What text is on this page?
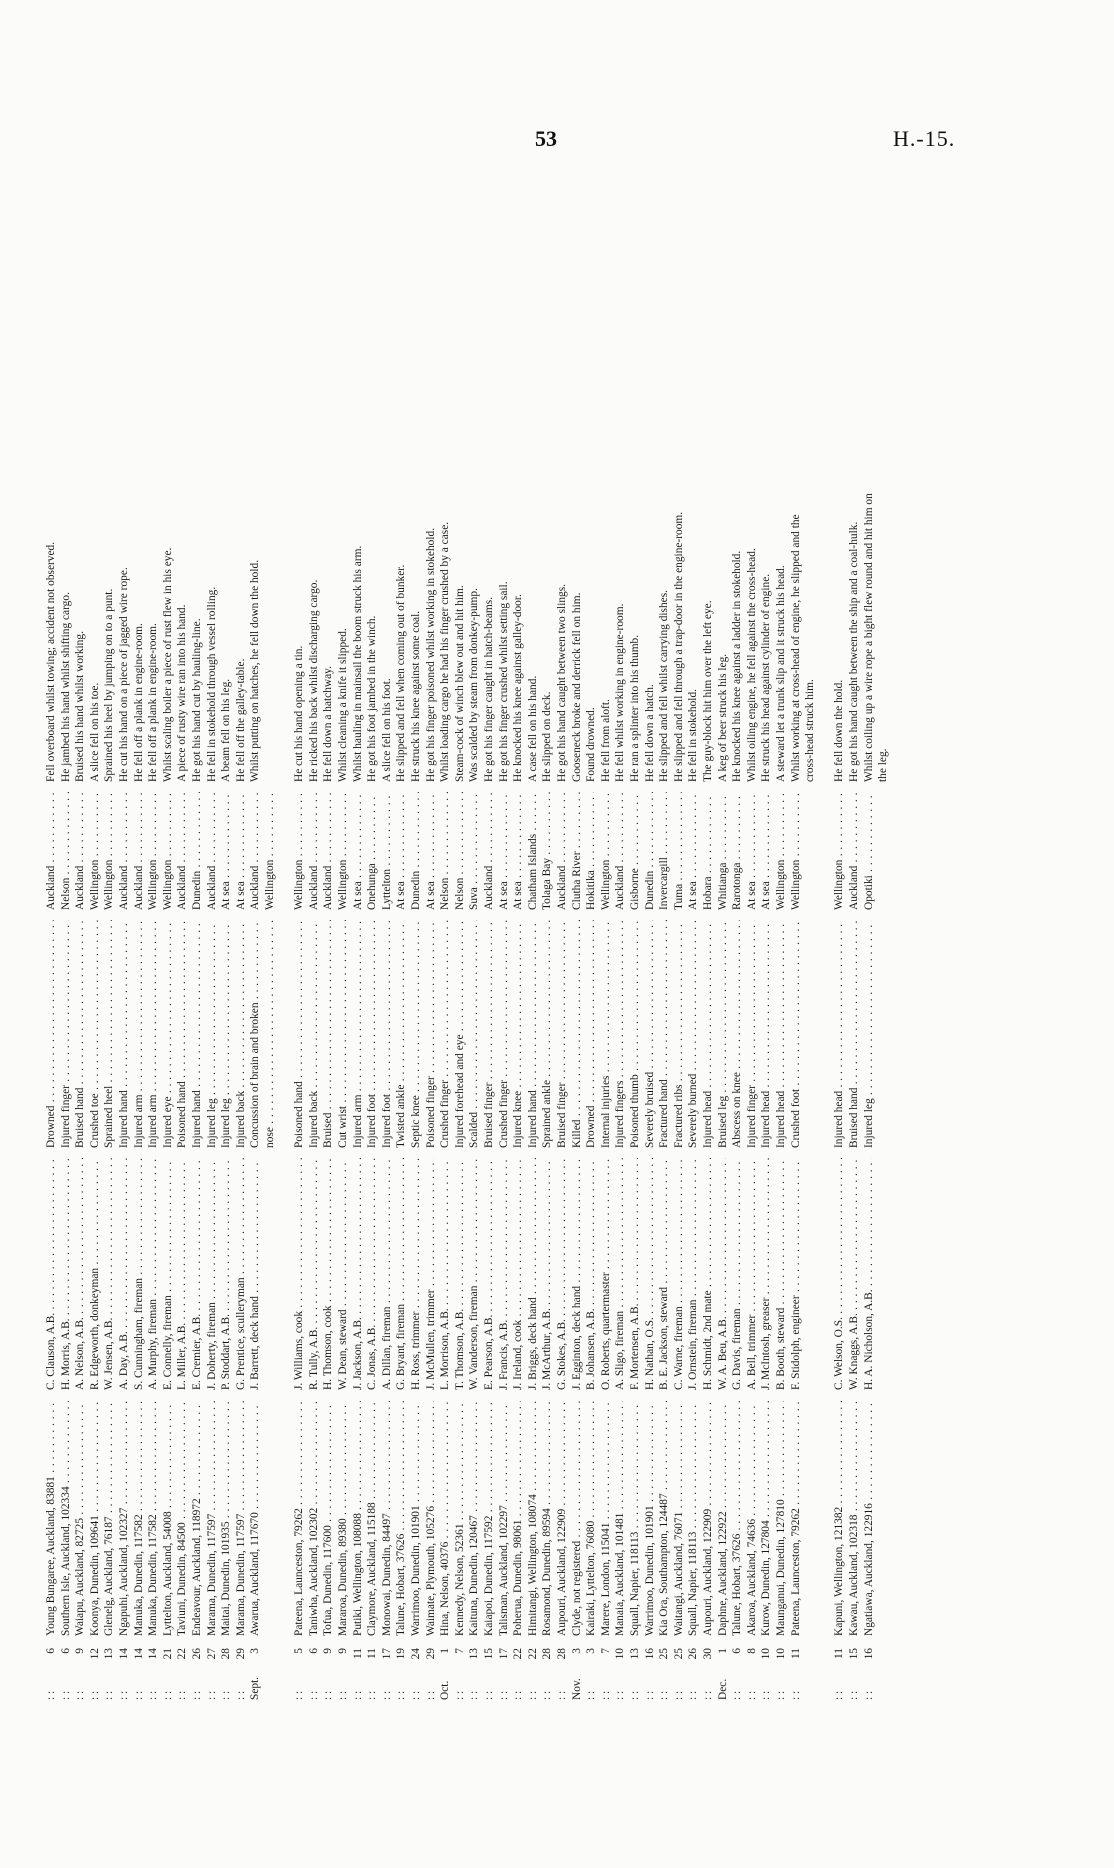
53	H.-15.
: :
6
Young Bungaree, Auckland, 83881 . . .
C. Clauson, A.B. . . .
Drowned . . .
Auckland . . .
Fell overboard whilst towing; accident not observed.
: :
6
Southern Isle, Auckland, 102334 . . .
H. Morris, A.B. . . .
Injured finger . . .
Nelson . . .
He jambed his hand whilst shifting cargo.
: :
9
Waiapu, Auckland, 82725 . . .
A. Nelson, A.B. . . .
Bruised hand . . .
Auckland . . .
Bruised his hand whilst working.
: :
12
Koonya, Dunedin, 109641 . . .
R. Edgeworth, donkeyman . . .
Crushed toe . . .
Wellington . . .
A slice fell on his toe.
: :
13
Glenelg, Auckland, 76187 . . .
W. Jensen, A.B. . . .
Sprained heel . . .
Wellington . . .
Sprained his heel by jumping on to a punt.
: :
14
Ngapuhi, Auckland, 102327 . . .
A. Day, A.B. . . .
Injured hand . . .
Auckland . . .
He cut his hand on a piece of jagged wire rope.
: :
14
Manuka, Dunedin, 117582 . . .
S. Cunningham, fireman . . .
Injured arm . . .
Auckland . . .
He fell off a plank in engine-room.
: :
14
Manuka, Dunedin, 117582 . . .
A. Murphy, fireman . . .
Injured arm . . .
Wellington . . .
He fell off a plank in engine-room.
: :
21
Lyttelton, Auckland, 54008 . . .
E. Connelly, fireman . . .
Injured eye . . .
Wellington . . .
Whilst scaling boiler a piece of rust flew in his eye.
: :
22
Taviuni, Dunedin, 84500 . . .
L. Miller, A.B. . . .
Poisoned hand . . .
Auckland . . .
A piece of rusty wire ran into his hand.
: :
26
Endeavour, Auckland, 118972 . . .
E. Cremier, A.B. . . .
Injured hand . . .
Dunedin . . .
He got his hand cut by hauling-line.
: :
27
Marama, Dunedin, 117597 . . .
J. Doherty, fireman . . .
Injured leg . . .
Auckland . . .
He fell in stokehold through vessel rolling.
: :
28
Maitai, Dunedin, 101935 . . .
P. Stoddart, A.B. . . .
Injured leg . . .
At sea . . .
A beam fell on his leg.
: :
29
Marama, Dunedin, 117597 . . .
G. Prentice, sculleryman . . .
Injured back . . .
At sea . . .
He fell off the galley-table.
Sept.
3
Awarua, Auckland, 117670 . . .
J. Barrett, deck hand . . .
Concussion of brain and broken . . .
Auckland . . .
Whilst putting on hatches, he fell down the hold.
nose . . .
Wellington . . .
: :
5
Pateena, Launceston, 79262 . . .
J. Williams, cook . . .
Poisoned hand . . .
Wellington . . .
He cut his hand opening a tin.
: :
6
Taniwha, Auckland, 102302 . . .
R. Tully, A.B. . . .
Injured back . . .
Auckland . . .
He ricked his back whilst discharging cargo.
: :
9
Tofua, Dunedin, 117600 . . .
H. Thomson, cook . . .
Bruised . . .
Auckland . . .
He fell down a hatchway.
: :
9
Mararoa, Dunedin, 89380 . . .
W. Dean, steward . . .
Cut wrist . . .
Wellington . . .
Whilst cleaning a knife it slipped.
: :
11
Putiki, Wellington, 108088 . . .
J. Jackson, A.B. . . .
Injured arm . . .
At sea . . .
Whilst hauling in mainsail the boom struck his arm.
: :
11
Claymore, Auckland, 115188 . . .
C. Jonas, A.B. . . .
Injured foot . . .
Onehunga . . .
He got his foot jambed in the winch.
: :
17
Monowai, Dunedin, 84497 . . .
A. Dillan, fireman . . .
Injured foot . . .
Lyttelton . . .
A slice fell on his foot.
: :
19
Talune, Hobart, 37626 . . .
G. Bryant, fireman . . .
Twisted ankle . . .
At sea . . .
He slipped and fell when coming out of bunker.
: :
24
Warrimoo, Dunedin, 101901 . . .
H. Ross, trimmer . . .
Septic knee . . .
Dunedin . . .
He struck his knee against some coal.
: :
29
Waimate, Plymouth, 105276 . . .
J. McMullen, trimmer . . .
Poisoned finger . . .
At sea . . .
He got his finger poisoned whilst working in stokehold.
Oct.
1
Hina, Nelson, 40376 . . .
L. Morrison, A.B. . . .
Crushed finger . . .
Nelson . . .
Whilst loading cargo he had his finger crushed by a case.
: :
7
Kennedy, Nelson, 52361 . . .
T. Thomson, A.B. . . .
Injured forehead and eye . . .
Nelson . . .
Steam-cock of winch blew out and hit him.
: :
13
Kaituna, Dunedin, 120467 . . .
W. Vanderson, fireman . . .
Scalded . . .
Suva . . .
Was scalded by steam from donkey-pump.
: :
15
Kaiapoi, Dunedin, 117592 . . .
E. Pearson, A.B. . . .
Bruised finger . . .
Auckland . . .
He got his finger caught in hatch-beams.
: :
17
Talisman, Auckland, 102297 . . .
J. Francis, A.B. . . .
Crushed finger . . .
At sea . . .
He got his finger crushed whilst setting sail.
: :
22
Poherua, Dunedin, 98061 . . .
J. Ireland, cook . . .
Injured knee . . .
At sea . . .
He knocked his knee against galley-door.
: :
22
Himitangi, Wellington, 108074 . . .
J. Briggs, deck hand . . .
Injured hand . . .
Chatham Islands . . .
A case fell on his hand.
: :
28
Rosamond, Dunedin, 89594 . . .
J. McArthur, A.B. . . .
Sprained ankle . . .
Tolaga Bay . . .
He slipped on deck.
: :
28
Aupouri, Auckland, 122909 . . .
G. Stokes, A.B. . . .
Bruised finger . . .
Auckland . . .
He got his hand caught between two slings.
Nov.
3
Clyde, not registered . . .
J. Egginton, deck hand . . .
Killed . . .
Clutha River . . .
Gooseneck broke and derrick fell on him.
: :
3
Kairaki, Lyttelton, 76080 . . .
B. Johansen, A.B. . . .
Drowned . . .
Hokitika . . .
Found drowned.
: :
7
Marere, London, 115041 . . .
O. Roberts, quartermaster . . .
Internal injuries . . .
Wellington . . .
He fell from aloft.
: :
10
Manaia, Auckland, 101481 . . .
A. Sligo, fireman . . .
Injured fingers . . .
Auckland . . .
He fell whilst working in engine-room.
: :
13
Squall, Napier, 118113 . . .
F. Mortensen, A.B. . . .
Poisoned thumb . . .
Gisborne . . .
He ran a splinter into his thumb.
: :
16
Warrimoo, Dunedin, 101901 . . .
H. Nathan, O.S. . . .
Severely bruised . . .
Dunedin . . .
He fell down a hatch.
: :
25
Kia Ora, Southampton, 124487 . . .
B. E. Jackson, steward . . .
Fractured hand . . .
Invercargill . . .
He slipped and fell whilst carrying dishes.
: :
25
Waitangi, Auckland, 76071 . . .
C. Warne, fireman . . .
Fractured ribs . . .
Tuma . . .
He slipped and fell through a trap-door in the engine-room.
: :
26
Squall, Napier, 118113 . . .
J. Ornstein, fireman . . .
Severely burned . . .
At sea . . .
He fell in stokehold.
: :
30
Aupouri, Auckland, 122909 . . .
H. Schmidt, 2nd mate . . .
Injured head . . .
Hobara . . .
The guy-block hit him over the left eye.
Dec.
1
Daphne, Auckland, 122922 . . .
W. A. Beu, A.B. . . .
Bruised leg . . .
Whitianga . . .
A keg of beer struck his leg.
: :
6
Talune, Hobart, 37626 . . .
G. Davis, fireman . . .
Abscess on knee . . .
Rarotonga . . .
He knocked his knee against a ladder in stokehold.
: :
8
Akaroa, Auckland, 74636 . . .
A. Bell, trimmer . . .
Injured finger . . .
At sea . . .
Whilst oiling engine, he fell against the cross-head.
: :
10
Kurow, Dunedin, 127804 . . .
J. McIntosh, greaser . . .
Injured head . . .
At sea . . .
He struck his head against cylinder of engine.
: :
10
Maunganui, Dunedin, 127810 . . .
B. Booth, steward . . .
Injured head . . .
Wellington . . .
A steward let a trunk slip and it struck his head.
: :
11
Pateena, Launceston, 79262 . . .
F. Stidolph, engineer . . .
Crushed foot . . .
Wellington . . .
Whilst working at cross-head of engine, he slipped and the cross-head struck him.
: :
11
Kapuni, Wellington, 121382 . . .
C. Welson, O.S. . . .
Injured head . . .
Wellington . . .
He fell down the hold.
: :
15
Kawau, Auckland, 102318 . . .
W. Knaggs, A.B. . . .
Bruised hand . . .
Auckland . . .
He got his hand caught between the ship and a coal-hulk.
: :
16
Ngatiawa, Auckland, 122916 . . .
H. A. Nicholson, A.B. . . .
Injured leg . . .
Opotiki . . .
Whilst coiling up a wire rope a bight flew round and hit him on the leg.
